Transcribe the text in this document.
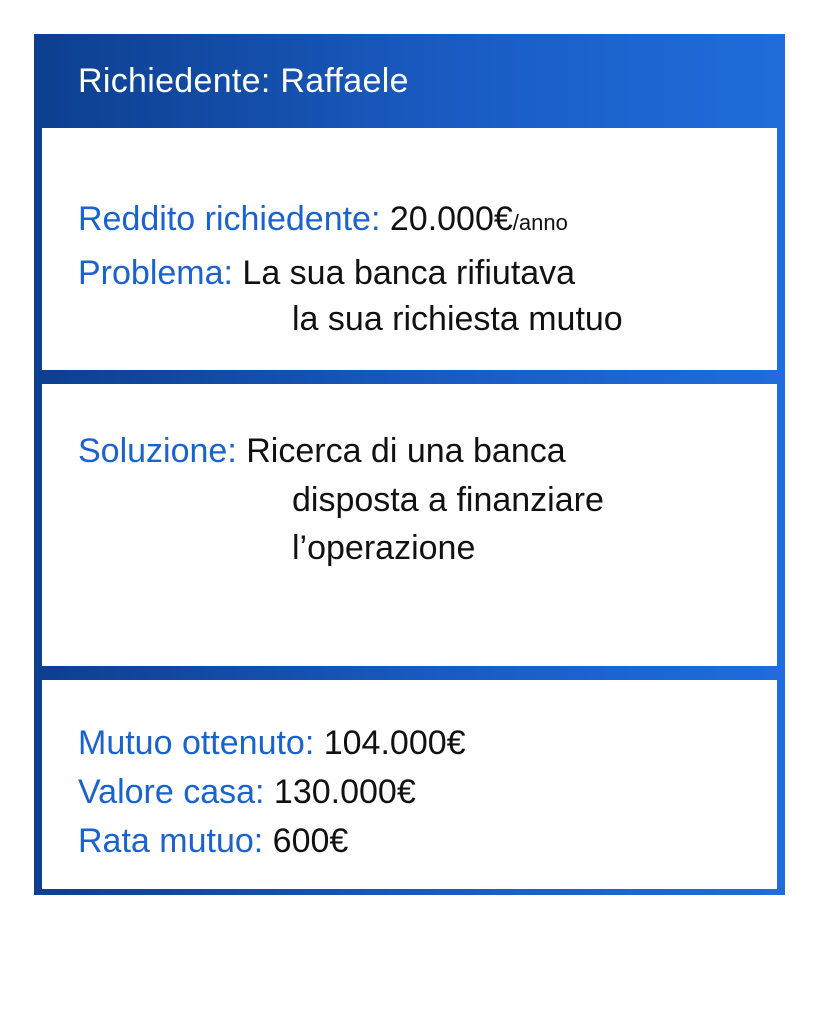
Richiedente: Raffaele
Reddito richiedente: 20.000€/anno
Problema: La sua banca rifiutava
la sua richiesta mutuo
Soluzione: Ricerca di una banca
disposta a finanziare
l’operazione
Mutuo ottenuto: 104.000€
Valore casa: 130.000€
Rata mutuo: 600€
